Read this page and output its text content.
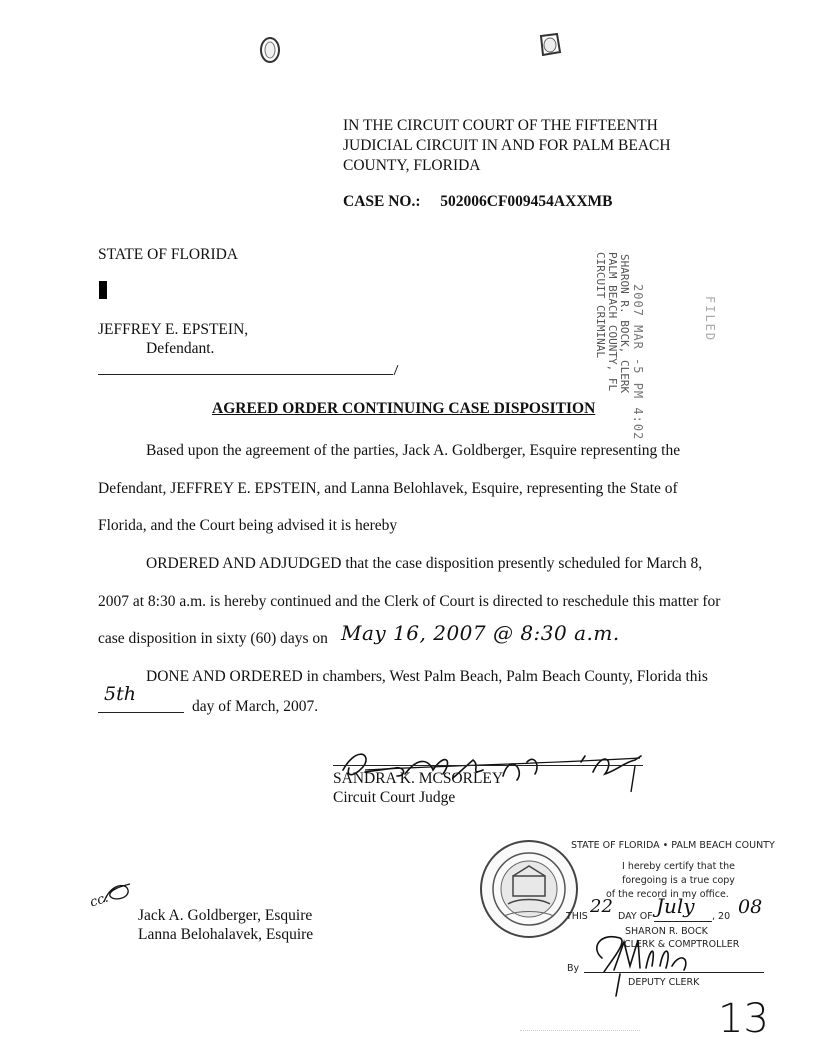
IN THE CIRCUIT COURT OF THE FIFTEENTH
JUDICIAL CIRCUIT IN AND FOR PALM BEACH
COUNTY, FLORIDA
CASE NO.: 502006CF009454AXXMB
STATE OF FLORIDA
JEFFREY E. EPSTEIN,
Defendant.	2007 MAR -5 PM 4:02
SHARON R. BOCK, CLERK
PALM BEACH COUNTY, FL
CIRCUIT CRIMINAL	FILED
AGREED ORDER CONTINUING CASE DISPOSITION
Based upon the agreement of the parties, Jack A. Goldberger, Esquire representing the
Defendant, JEFFREY E. EPSTEIN, and Lanna Belohlavek, Esquire, representing the State of
Florida, and the Court being advised it is hereby
ORDERED AND ADJUDGED that the case disposition presently scheduled for March 8,
2007 at 8:30 a.m. is hereby continued and the Clerk of Court is directed to reschedule this matter for
case disposition in sixty (60) days on May 16, 2007 @ 8:30 a.m.
DONE AND ORDERED in chambers, West Palm Beach, Palm Beach County, Florida this
5th
day of March, 2007.
SANDRA K. MCSORLEY
Circuit Court Judge
cc:
Jack A. Goldberger, Esquire
Lanna Belohalavek, Esquire
STATE OF FLORIDA • PALM BEACH COUNTY
I hereby certify that the
foregoing is a true copy
of the record in my office.
THIS 22 DAY OF July , 20 08
SHARON R. BOCK
CLERK & COMPTROLLER
By
DEPUTY CLERK
13
